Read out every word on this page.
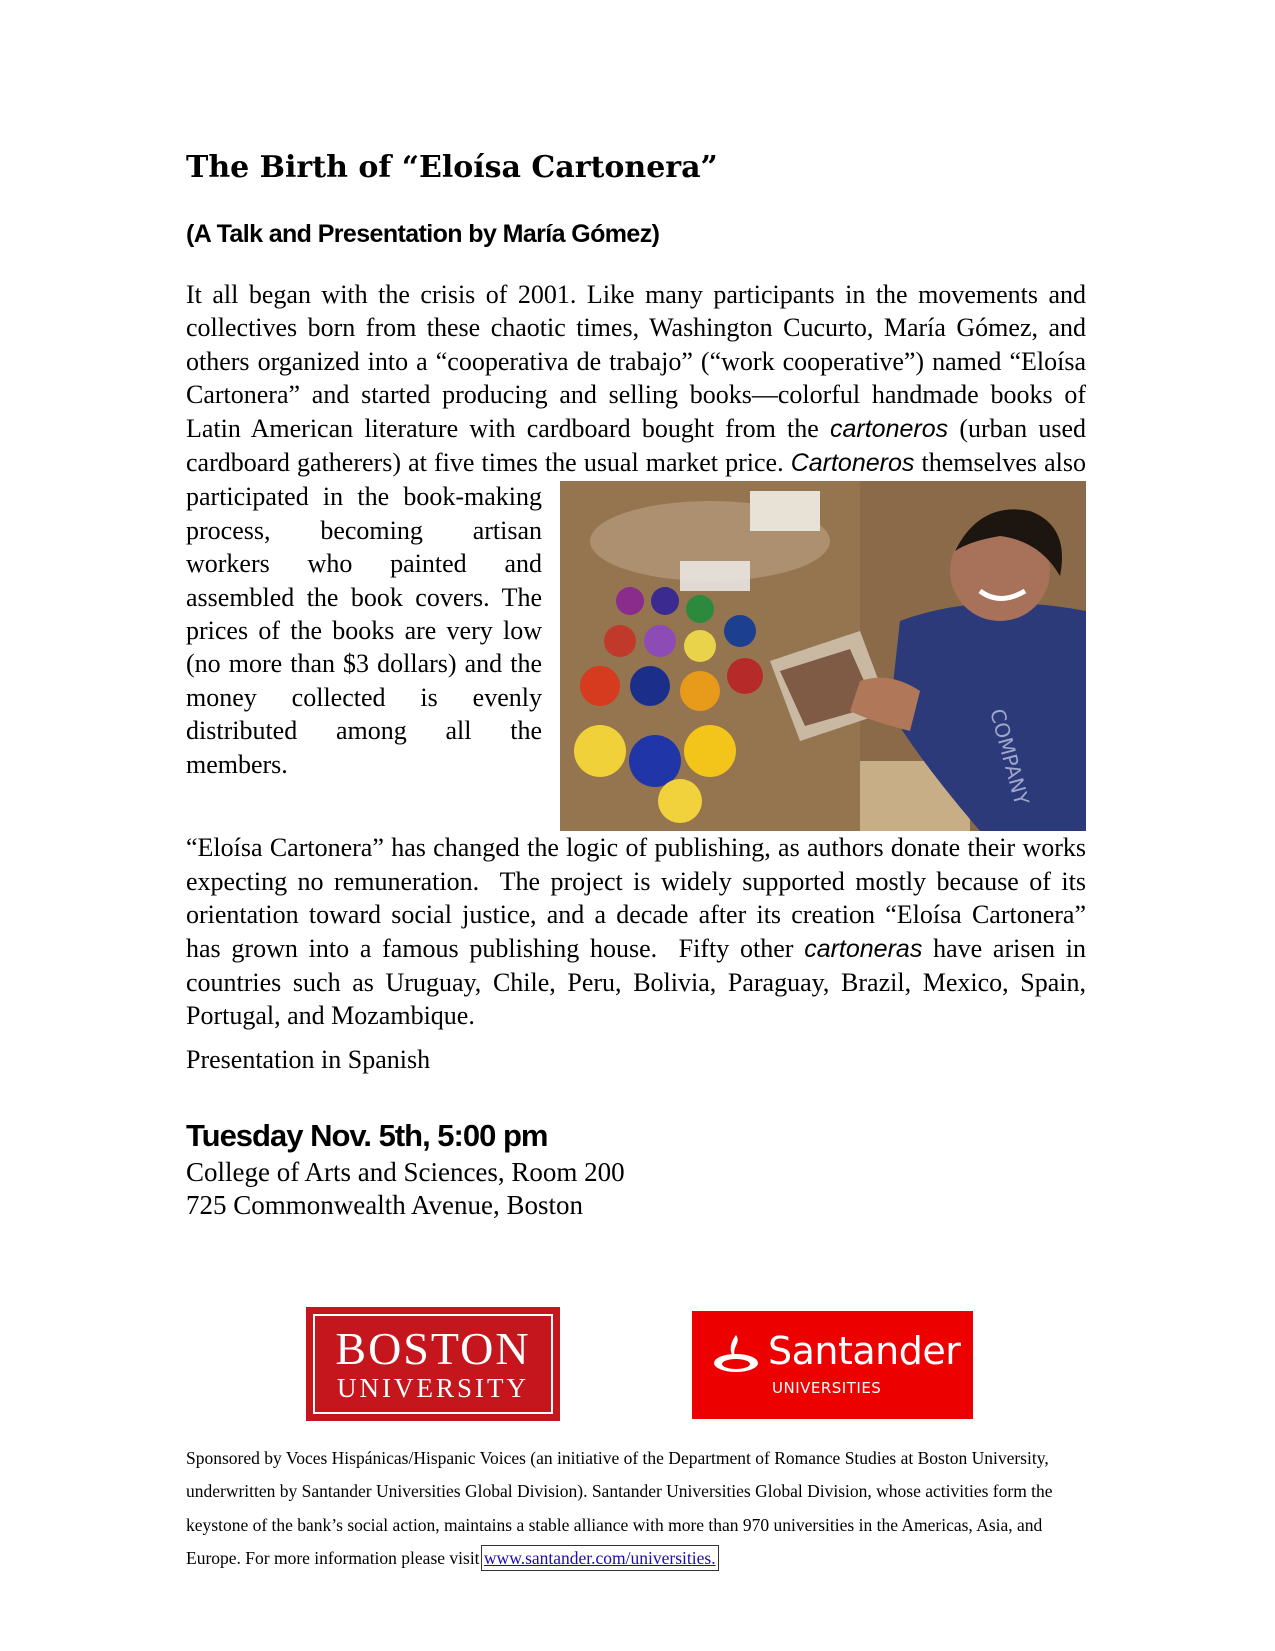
The Birth of “Eloísa Cartonera”
(A Talk and Presentation by María Gómez)

It all began with the crisis of 2001. Like many participants in the movements and collectives born from these chaotic times, Washington Cucurto, María Gómez, and others organized into a “cooperativa de trabajo” (“work cooperative”) named “Eloísa Cartonera” and started producing and selling books—colorful handmade books of Latin American literature with cardboard bought from the cartoneros (urban used cardboard gatherers) at five times the usual market price.
COMPANY
Cartoneros themselves also participated in the book-making process, becoming artisan workers who painted and assembled the book covers. The prices of the books are very low (no more than $3 dollars) and the money collected is evenly distributed among all the members.

“Eloísa Cartonera” has changed the logic of publishing, as authors donate their works expecting no remuneration.  The project is widely supported mostly because of its orientation toward social justice, and a decade after its creation “Eloísa Cartonera” has grown into a famous publishing house.  Fifty other cartoneras have arisen in countries such as Uruguay, Chile, Peru, Bolivia, Paraguay, Brazil, Mexico, Spain, Portugal, and Mozambique.

Presentation in Spanish

Tuesday Nov. 5th, 5:00 pm

College of Arts and Sciences, Room 200

725 Commonwealth Avenue, Boston

BOSTON
UNIVERSITY
Santander
UNIVERSITIES

Sponsored by Voces Hispánicas/Hispanic Voices (an initiative of the Department of Romance Studies at Boston University, underwritten by Santander Universities Global Division). Santander Universities Global Division, whose activities form the keystone of the bank’s social action, maintains a stable alliance with more than 970 universities in the Americas, Asia, and Europe. For more information please visit www.santander.com/universities.
